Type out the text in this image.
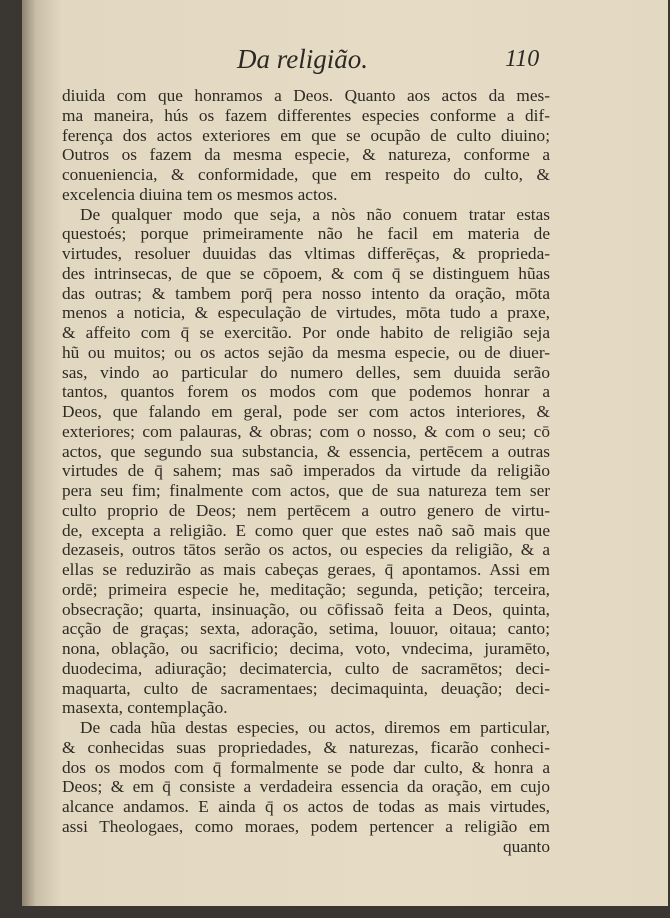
Da religião.	110
diuida com que honramos a Deos. Quanto aos actos da mes-
ma maneira, hús os fazem differentes especies conforme a dif-
ferença dos actos exteriores em que se ocupão de culto diuino;
Outros os fazem da mesma especie, & natureza, conforme a
conueniencia, & conformidade, que em respeito do culto, &
excelencia diuina tem os mesmos actos.
De qualquer modo que seja, a nòs não conuem tratar estas
questoés; porque primeiramente não he facil em materia de
virtudes, resoluer duuidas das vltimas differēças, & proprieda-
des intrinsecas, de que se cōpoem, & com q̄ se distinguem hũas
das outras; & tambem porq̄ pera nosso intento da oração, mōta
menos a noticia, & especulação de virtudes, mōta tudo a praxe,
& affeito com q̄ se exercitão. Por onde habito de religião seja
hũ ou muitos; ou os actos sejão da mesma especie, ou de diuer-
sas, vindo ao particular do numero delles, sem duuida serão
tantos, quantos forem os modos com que podemos honrar a
Deos, que falando em geral, pode ser com actos interiores, &
exteriores; com palauras, & obras; com o nosso, & com o seu; cō
actos, que segundo sua substancia, & essencia, pertēcem a outras
virtudes de q̄ sahem; mas saõ imperados da virtude da religião
pera seu fim; finalmente com actos, que de sua natureza tem ser
culto proprio de Deos; nem pertēcem a outro genero de virtu-
de, excepta a religião. E como quer que estes naõ saõ mais que
dezaseis, outros tātos serão os actos, ou especies da religião, & a
ellas se reduzirão as mais cabeças geraes, q̄ apontamos. Assi em
ordē; primeira especie he, meditação; segunda, petição; terceira,
obsecração; quarta, insinuação, ou cōfissaõ feita a Deos, quinta,
acção de graças; sexta, adoração, setima, louuor, oitaua; canto;
nona, oblação, ou sacrificio; decima, voto, vndecima, juramēto,
duodecima, adiuração; decimatercia, culto de sacramētos; deci-
maquarta, culto de sacramentaes; decimaquinta, deuação; deci-
masexta, contemplação.
De cada hũa destas especies, ou actos, diremos em particular,
& conhecidas suas propriedades, & naturezas, ficarão conheci-
dos os modos com q̄ formalmente se pode dar culto, & honra a
Deos; & em q̄ consiste a verdadeira essencia da oração, em cujo
alcance andamos. E ainda q̄ os actos de todas as mais virtudes,
assi Theologaes, como moraes, podem pertencer a religião em
quanto
